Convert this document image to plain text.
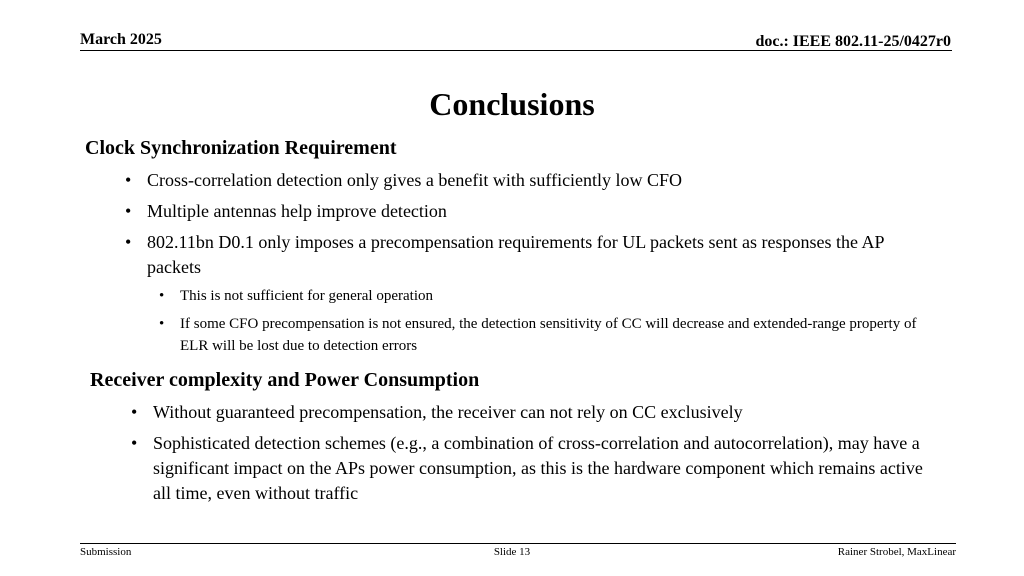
March 2025	doc.: IEEE 802.11-25/0427r0
Conclusions
Clock Synchronization Requirement
• Cross-correlation detection only gives a benefit with sufficiently low CFO
• Multiple antennas help improve detection
• 802.11bn D0.1 only imposes a precompensation requirements for UL packets sent as responses the AP packets
• This is not sufficient for general operation
• If some CFO precompensation is not ensured, the detection sensitivity of CC will decrease and extended-range property of ELR will be lost due to detection errors
Receiver complexity and Power Consumption
• Without guaranteed precompensation, the receiver can not rely on CC exclusively
• Sophisticated detection schemes (e.g., a combination of cross-correlation and autocorrelation), may have a significant impact on the APs power consumption, as this is the hardware component which remains active all time, even without traffic
Submission	Slide 13	Rainer Strobel, MaxLinear
